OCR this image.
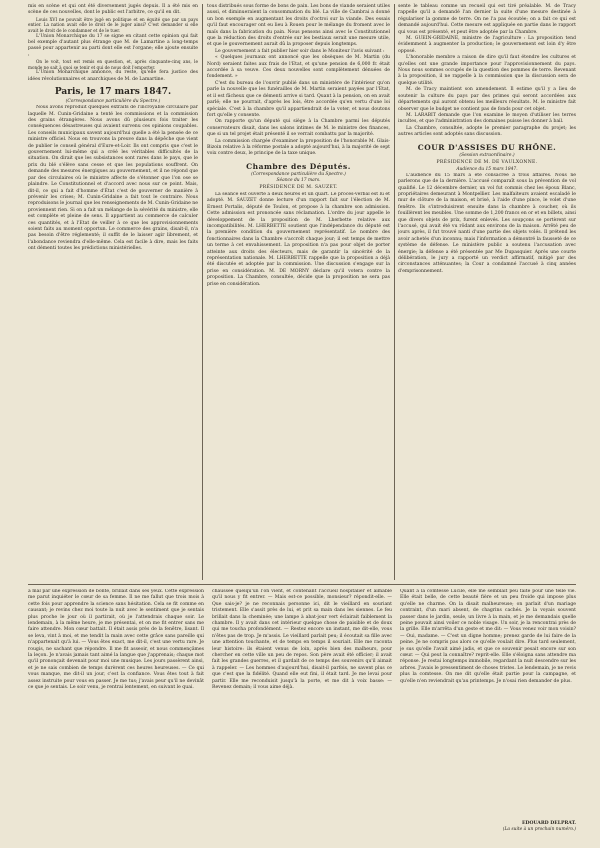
mis en scène et qui ont été diversement jugés depuis. Il a été mis en scène de ces nouvelles, dont le public est l'arbitre, ce qu'il en dit.

Louis XVI ne pouvait être jugé en politique et en équité que par un pays entier. La nation avait elle le droit de le juger ainsi? C'est demander si elle avait le droit de le condamner et de le tuer.

L'Union Monarchique du 17 se signe en citant cette opinion qui fait bel exemple d'autant plus étrange que M. de Lamartine a long-temps passé pour appartenir au parti dont elle est l'organe; elle ajoute ensuite :

On le voit, tout est remis en question, et, après cinquante-cinq ans, le monde ne sait à quoi se tenir et qui de nous doit l'emporter.

L'Union Monarchique annonce, du reste, qu'elle fera justice des idées révolutionnaires et anarchiques de M. de Lamartine.

Paris, le 17 mars 1847.

(Correspondance particulière du Spectre.)

Nous avons reproduit quelques extraits de l'incroyable circulaire par laquelle M. Cunin-Gridaine a tenté les commissions et la commission des grains étrangères. Nous avons dû plusieurs fois traiter les conséquences désastreuses qui avaient survenu ces opinions coupables. Les conseils municipaux savent aujourd'hui quelle a été la pensée de ce ministre officiel. Nous en trouvons la preuve dans la dépêche que vient de publier le conseil général d'Eure-et-Loir. Ils ont compris que c'est le gouvernement lui-même qui a créé les véritables difficultés de la situation. On dirait que les subsistances sont rares dans le pays, que le prix du blé s'élève sans cesse et que les populations souffrent. On demande des mesures énergiques au gouvernement, et il ne répond que par des circulaires où le ministre affecte de s'étonner que l'on ose se plaindre. Le Constitutionnel et d'accord avec nous sur ce point. Mais, dit-il, ce qui a fait d'homme d'État c'est de gouverner de manière à prévenir les crises; M. Cunin-Gridaine a fait tout le contraire. Nous reproduisons le journal que les renseignements de M. Cunin-Gridaine ne proviennent rien. Si on a fait un mélange de la sévérité du ministre, elle est complète et pleine de sens. Il appartient au commerce de calculer ces quantités, et à l'Etat de veiller à ce que les approvisionnements soient faits au moment opportun. Le commerce des grains, disait-il, n'a pas besoin d'être réglementé; il suffit de le laisser agir librement, et l'abondance reviendra d'elle-même. Cela est facile à dire, mais les faits ont démenti toutes les prédictions ministérielles.

tous distribués sous forme de bons de pain. Les bons de viande seraient utiles aussi, et diminueraient la consommation du blé. La ville de Cambrai a donné un bon exemple en augmentant les droits d'octroi sur la viande. Des essais qu'il faut encourager ont eu lieu à Rouen pour le mélange du froment avec le maïs dans la fabrication du pain. Nous pensons ainsi avec le Constitutionnel que la réduction des droits d'entrée sur les bestiaux serait une mesure utile, et que le gouvernement aurait dû la proposer depuis longtemps.

Le gouvernement a fait publier hier soir dans le Moniteur l'avis suivant :

« Quelques journaux ont annoncé que les obsèques de M. Martin (du Nord) seraient faites aux frais de l'Etat, et qu'une pension de 6,000 fr. était accordée à sa veuve. Ces deux nouvelles sont complètement dénuées de fondement. »

C'est du bureau de l'ouvrir publié dans un ministère de l'intérieur qu'on parle la nouvelle que les funérailles de M. Martin seraient payées par l'Etat, et il est fâcheux que ce démenti arrive si tard. Quant à la pension, on en avait parlé; elle ne pourrait, d'après les lois, être accordée qu'en vertu d'une loi spéciale. C'est à la chambre qu'il appartiendrait de la voter, et nous doutons fort qu'elle y consente.

On rapporte qu'un député qui siège à la Chambre parmi les députés conservateurs disait, dans les salons intimes de M. le ministre des finances, que si un tel projet était présenté il se verrait combattu par la majorité.

La commission chargée d'examiner la proposition de l'honorable M. Glais-Bizoin relative à la réforme postale a adopté aujourd'hui, à la majorité de sept voix contre deux, le principe de la taxe unique.

Chambre des Députés.

(Correspondance particulière du Spectre.)

Séance du 17 mars.

PRÉSIDENCE DE M. SAUZET.

La séance est ouverte à deux heures et un quart. Le procès-verbal est lu et adopté. M. SAUZET donne lecture d'un rapport fait sur l'élection de M. Ernest Portalis, député de Toulon, et propose à la chambre son admission. Cette admission est prononcée sans réclamation. L'ordre du jour appelle le développement de la proposition de M. Lherbette relative aux incompatibilités. M. LHERBETTE soutient que l'indépendance du député est la première condition du gouvernement représentatif. Le nombre des fonctionnaires dans la Chambre s'accroît chaque jour; il est temps de mettre un terme à cet envahissement. La proposition n'a pas pour objet de porter atteinte aux droits des électeurs, mais de garantir la sincérité de la représentation nationale. M. LHERBETTE rappelle que la proposition a déjà été discutée et adoptée par la commission. Une discussion s'engage sur la prise en considération. M. DE MORNY déclare qu'il votera contre la proposition. La Chambre, consultée, décide que la proposition ne sera pas prise en considération.

sente le tableau comme un recueil qui est tiré préalable. M. de Tracy rappelle qu'il a demandé l'an dernier la suite d'une mesure destinée à régulariser la gomme de terre. On ne l'a pas écoutée; on a fait ce qui est demandé aujourd'hui. Cette mesure est appliquée en partie dans le rapport qui vous est présenté, et peut être adoptée par la Chambre.

M. GUEIN-GRIDAINE, ministre de l'agriculture : La proposition tend évidemment à augmenter la production; le gouvernement est loin d'y être opposé.

L'honorable membre a raison de dire qu'il faut étendre les cultures et qu'elles ont une grande importance pour l'approvisionnement du pays. Nous nous sommes occupés de la question des pommes de terre. Revenant à la proposition, il ne rappelle à la commission que la discussion sera de quelque utilité.

M. de Tracy maintient son amendement. Il estime qu'il y a lieu de soutenir la culture du pays par des primes qui seront accordées aux départements qui auront obtenu les meilleurs résultats. M. le ministre fait observer que le budget ne contient pas de fonds pour cet objet.

M. LARABIT demande que l'on examine le moyen d'utiliser les terres incultes, et que l'administration des domaines puisse les donner à bail.

La Chambre, consultée, adopte le premier paragraphe du projet; les autres articles sont adoptés sans discussion.

COUR D'ASSISES DU RHÔNE.

(Session extraordinaire.)

PRÉSIDENCE DE M. DE VAULXONNE.

Audience du 15 mars 1847.

L'audience du 15 mars a été consacrée à trois affaires. Nous ne parlerons que de la dernière. L'accusé comparaît sous la prévention de vol qualifié. Le 12 décembre dernier, un vol fut commis chez les époux Blanc, propriétaires demeurant à Montpellier. Les malfaiteurs avaient escaladé le mur de clôture de la maison, et brisé, à l'aide d'une pince, le volet d'une fenêtre. Ils s'introduisirent ensuite dans la chambre à coucher, où ils fouillèrent les meubles. Une somme de 1,200 francs en or et en billets, ainsi que divers objets de prix, furent enlevés. Les soupçons se portèrent sur l'accusé, qui avait été vu rôdant aux environs de la maison. Arrêté peu de jours après, il fut trouvé nanti d'une partie des objets volés. Il prétend les avoir achetés d'un inconnu; mais l'information a démontré la fausseté de ce système de défense. Le ministère public a soutenu l'accusation avec énergie; la défense a été présentée par Me Dupasquier. Après une courte délibération, le jury a rapporté un verdict affirmatif, mitigé par des circonstances atténuantes; la Cour a condamné l'accusé à cinq années d'emprisonnement.

à mal par une expression de bonté, brillait dans ses yeux. Cette expression me parut inquiéter le cœur de sa femme. Il ne me fallut que trois mois à cette fois pour apprendre la science sans hésitation. Cela se fit comme en causant; je revins chez moi toute la nuit avec le sentiment que je sentais plus proche le jour où il partirait, où je l'attendrais chaque soir. Le lendemain, à la même heure, je me présentai, et on me fit entrer sans me faire attendre. Mon cœur battait. Il était assis près de la fenêtre, lisant. Il se leva, vint à moi, et me tendit la main avec cette grâce sans pareille qui n'appartenait qu'à lui. — Vous êtes exact, me dit-il, c'est une vertu rare. Je rougis, ne sachant que répondre. Il me fit asseoir, et nous commençâmes la leçon. Je n'avais jamais tant aimé la langue que j'apprenais; chaque mot qu'il prononçait devenait pour moi une musique. Les jours passèrent ainsi, et je ne sais combien de temps durèrent ces heures heureuses. — Ce qui vous manque, me dit-il un jour, c'est la confiance. Vous êtes tout à fait assez instruite pour vous en passer. Je me tus; j'avais peur qu'il ne devinât ce que je sentais. Le soir venu, je rentrai lentement, en suivant le quai.
chaussée quelqu'un l'on vient, et contenant l'accueil hospitalier et aimable qu'il nous y fit entrer. — Mais est-ce possible, monsieur? répondit-elle. — Que sais-je? je ne reconnais personne ici, dit le vieillard en souriant tristement. Elle s'assit près de lui, et prit sa main dans les siennes. Le feu brillait dans la cheminée; une lampe à abat-jour vert éclairait faiblement la chambre. Il y avait dans cet intérieur quelque chose de paisible et de doux qui me toucha profondément. — Restez encore un instant, me dit-elle, vous n'êtes pas de trop. Je m'assis. Le vieillard parlait peu; il écoutait sa fille avec une attention touchante, et de temps en temps il souriait. Elle me raconta leur histoire: ils étaient venus de loin, après bien des malheurs, pour chercher en cette ville un peu de repos. Son père avait été officier; il avait fait les grandes guerres, et il gardait de ce temps des souvenirs qu'il aimait à rappeler. — Les hommes d'aujourd'hui, disait-il parfois, ne savent plus ce que c'est que la fidélité. Quand elle eut fini, il était tard. Je me levai pour partir. Elle me reconduisit jusqu'à la porte, et me dit à voix basse: — Revenez demain; il vous aime déjà.
Quant à la comtesse Lucile, elle me semblait peu faite pour une telle vie. Elle était belle, de cette beauté fière et un peu froide qui impose plus qu'elle ne charme. On la disait malheureuse; on parlait d'un mariage contraint, d'un mari absent, de chagrins cachés. Je la voyais souvent passer dans le jardin, seule, un livre à la main, et je me demandais quelle peine pouvait ainsi voiler ce noble visage. Un soir, je la rencontrai près de la grille. Elle m'arrêta d'un geste et me dit: — Vous venez voir mon voisin? — Oui, madame. — C'est un digne homme; prenez garde de lui faire de la peine. Je ne compris pas alors ce qu'elle voulait dire. Plus tard seulement, je sus qu'elle l'avait aimé jadis, et que ce souvenir pesait encore sur son cœur. — Qui peut la connaître? reprit-elle. Elle s'éloigna sans attendre ma réponse. Je restai longtemps immobile, regardant la nuit descendre sur les arbres. J'avais le pressentiment de choses tristes. Le lendemain, je ne revis plus la comtesse. On me dit qu'elle était partie pour la campagne, et qu'elle n'en reviendrait qu'au printemps. Je n'osai rien demander de plus.
EDOUARD DELPRAT.
(La suite à un prochain numéro.)
